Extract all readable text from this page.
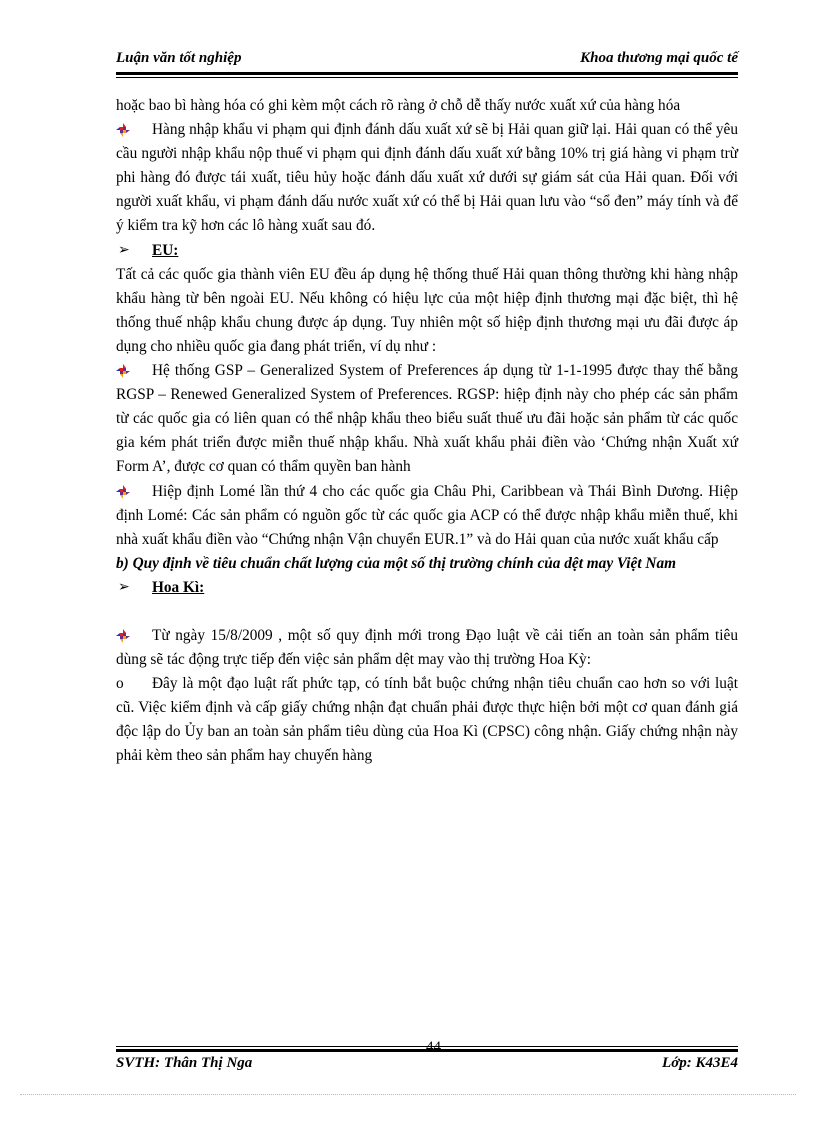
Luận văn tốt nghiệp	Khoa thương mại quốc tế

hoặc bao bì hàng hóa có ghi kèm một cách rõ ràng ở chỗ dễ thấy nước xuất xứ của hàng hóa

Hàng nhập khẩu vi phạm qui định đánh dấu xuất xứ sẽ bị Hải quan giữ lại. Hải quan có thể yêu cầu người nhập khẩu nộp thuế vi phạm qui định đánh dấu xuất xứ bằng 10% trị giá hàng vi phạm trừ phi hàng đó được tái xuất, tiêu hủy hoặc đánh dấu xuất xứ dưới sự giám sát của Hải quan. Đối với người xuất khẩu, vi phạm đánh dấu nước xuất xứ có thể bị Hải quan lưu vào “sổ đen” máy tính và để ý kiểm tra kỹ hơn các lô hàng xuất sau đó.

➢ EU:

Tất cả các quốc gia thành viên EU đều áp dụng hệ thống thuế Hải quan thông thường khi hàng nhập khẩu hàng từ bên ngoài EU. Nếu không có hiệu lực của một hiệp định thương mại đặc biệt, thì hệ thống thuế nhập khẩu chung được áp dụng. Tuy nhiên một số hiệp định thương mại ưu đãi được áp dụng cho nhiều quốc gia đang phát triển, ví dụ như :

Hệ thống GSP – Generalized System of Preferences áp dụng từ 1-1-1995 được thay thế bằng RGSP – Renewed Generalized System of Preferences. RGSP: hiệp định này cho phép các sản phẩm từ các quốc gia có liên quan có thể nhập khẩu theo biểu suất thuế ưu đãi hoặc sản phẩm từ các quốc gia kém phát triển được miễn thuế nhập khẩu. Nhà xuất khẩu phải điền vào ‘Chứng nhận Xuất xứ Form A’, được cơ quan có thẩm quyền ban hành

Hiệp định Lomé lần thứ 4 cho các quốc gia Châu Phi, Caribbean và Thái Bình Dương. Hiệp định Lomé: Các sản phẩm có nguồn gốc từ các quốc gia ACP có thể được nhập khẩu miễn thuế, khi nhà xuất khẩu điền vào “Chứng nhận Vận chuyển EUR.1” và do Hải quan của nước xuất khẩu cấp

b) Quy định về tiêu chuẩn chất lượng của một số thị trường chính của dệt may Việt Nam

➢ Hoa Kì:

Từ ngày 15/8/2009 , một số quy định mới trong Đạo luật về cải tiến an toàn sản phẩm tiêu dùng sẽ tác động trực tiếp đến việc sản phẩm dệt may vào thị trường Hoa Kỳ:

o Đây là một đạo luật rất phức tạp, có tính bắt buộc chứng nhận tiêu chuẩn cao hơn so với luật cũ. Việc kiểm định và cấp giấy chứng nhận đạt chuẩn phải được thực hiện bởi một cơ quan đánh giá độc lập do Ủy ban an toàn sản phẩm tiêu dùng của Hoa Kì (CPSC) công nhận. Giấy chứng nhận này phải kèm theo sản phẩm hay chuyến hàng

44
SVTH: Thân Thị Nga	Lớp: K43E4
